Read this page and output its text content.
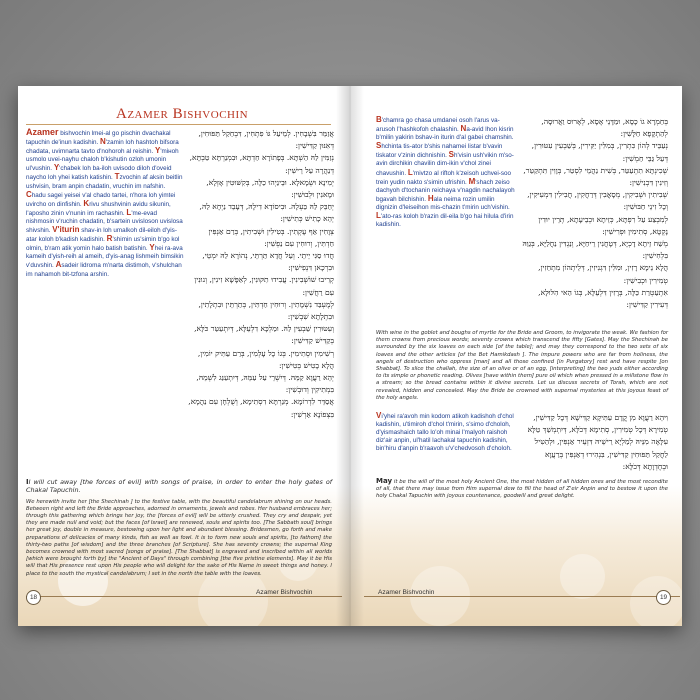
Azamer Bishvochin

Azamer bishvochin lmei-al go pischin dvachakal tapuchin de'inun kadishin. N'zamin loh hashtoh bifsora chadata, uvimnarta tavto d'nohoroh al reishin. Y'mінoh usmolo uvei-nayhu chaloh b'kishutin ozloh umonin ul'vushin. Y'chabek loh ba-iloh uvisodo diloh d'oveid naycho loh yhei katish katishin. Tzvochin af aksin beitlin ushvisin, bram anpin chadatin, vruchin im nafshin. Chadu sagei yeisei v'al chado tartei, n'hora loh yimtei uvircho on dinfishin. Krivu shushvinin avidu sikunin, l'aposho zinin v'nunin im rachashin. L'me-evad nishmosin v'ruchin chadatin, b'sartein uvisloson uvislosa shivshin. V'iturin shav-in loh umalkoh dil-eiloh d'yis-atar koloh b'kadish kadishin. R'shimin us'simin b'go kol olmin, b'ram atik yomin halo batish batishin. Yhei ra-ava kameih d'yish-reih al ameih, d'yis-anag lishmeih bimsikin v'duvshin. Asadeir lidroma m'narta distimoh, v'shulchan im nahamoh bit-tzfona arshin.

אֲזַמֵּר בִּשְׁבָחִין. לְמֵיעַל גּוֹ פִתְחִין, דִּבְחַקַל תַּפּוּחִין, דְּאִנּוּן קַדִּישִׁין:

נְזַמִּין לַהּ הַשְׁתָּא. בְּפָתוֹרָא חַדְתָּא, וּבִמְנַרְתָּא טַבְתָּא, דְּנַהֲרָה עַל רֵישִׁין:

יְמִינָא וּשְׂמָאלָא. וּבֵינַיְהוּ כַלָּה, בְּקִשּׁוּטִין אָזְלָא, וּמָאנִין וּלְבוּשִׁין:

יְחַבֵּק לַהּ בַּעְלָהּ. וּבִיסוֹדָא דִילָהּ, דְּעָבֵד נַיְחָא לַהּ, יְהֵא כָתִישׁ כְּתִישִׁין:

צְוָחִין אַף עָקְתִין. בְּטִילִין וּשְׁבִיתִין, בְּרַם אַנְפִּין חַדְתִּין, וְרוּחִין עִם נַפְשִׁין:

חֲדוּ סַגִּי יֵיתֵי. וְעַל חֲדָא תַּרְתֵּי, נְהוֹרָא לַהּ יִמְטֵי, וּבִרְכָאן דִּנְפִישִׁין:

קְרִיבוּ שׁוֹשְׁבִינִין. עֲבִידוּ תִקּוּנִין, לְאַפָּשָׁא זִינִין, וְנוּנִין עִם רַחֲשִׁין:

לְמֶעְבַּד נִשְׁמָתִין. וְרוּחִין חַדְתִּין, בְּתַרְתֵּין וּבִתְלָתִין, וּבִתְלָתָא שִׁבְשִׁין:

וְעִטּוּרִין שַׁבְעִין לַהּ. וּמַלְכָּא דִלְעֵלָּא, דְּיִתְעַטַּר כֹּלָּא, בְּקַדִּישׁ קַדִּישִׁין:

רְשִׁימִין וּסְתִימִין. בְּגוֹ כָל עָלְמִין, בְּרַם עַתִּיק יוֹמִין, הֲלָא בָטִישׁ בְּטִישִׁין:

יְהֵא רַעֲוָא קַמֵּהּ. דְּיִשְׁרֵי עַל עַמֵּהּ, דְּיִתְעַנַּג לִשְׁמֵהּ, בִּמְתִיקִין וְדוּבְשִׁין:

אֲסַדֵּר לִדְרוֹמָא. מְנַרְתָּא דִסְתִימָא, וְשֻׁלְחָן עִם נַהֲמָא, בִּצְפוֹנָא אַרְשִׁין:

II will cut away [the forces of evil] with songs of praise, in order to enter the holy gates of Chakal Tapuchin.

We herewith invite her [the Shechinah ] to the festive table, with the beautiful candelabrum shining on our heads. Between right and left the Bride approaches, adorned in ornaments, jewels and robes. Her husband embraces her; through this gathering which brings her joy, the [forces of evil] will be utterly crushed. They cry and despair, yet they are made null and void; but the faces [of Israel] are renewed, souls and spirits too. [The Sabbath soul] brings her great joy, double in measure, bestowing upon her light and abundant blessing. Bridesmen, go forth and make preparations of delicacies of many kinds, fish as well as fowl. It is to form new souls and spirits, [to fathom] the thirty-two paths [of wisdom] and the three branches [of Scripture]. She has seventy crowns; the supernal King becomes crowned with most sacred [songs of praise]. [The Shabbat] is engraved and inscribed within all worlds [which were brought forth by] the "Ancient of Days" through combining [the five pristine elements]. May it be His will that His presence rest upon His people who will delight for the sake of His Name in sweet things and honey. I place to the south the mystical candelabrum; I set in the north the table with the loaves.

18
Azamer Bishvochin

B'chamra go chasa umdanei osoh l'arus va-arusoh l'hashkofoh chalashin. Na-avid lhon kisrin b'milin yakirin bshav-in iturin d'al gabei chamshin. Shchinta tis-ator b'shis nahamei listar b'vavin tiskator v'zinin dichnishin. Sh'visin ush'vikin m'so-avin dirchikin chavilin dim-ikin v'chol zinei chavushin. L'mivtzo al riftoh k'zeisoh uchvei-soo trein yudin nakto s'simin ufrishin. M'shach zeiso dachyoh d'tochanin reichaya v'nagdin nachalayoh bgavah bilchishin. Hala neima rozin umilin dignizin d'leiseihon mis-chazin t'mirin uch'vishin. L'ato-ras koloh b'razin dil-eila b'go hai hilula d'irin kadishin.

בְּחַמְרָא גוֹ כָסָא, וּמַדָּנֵי אָסָא, לְאָרוּס וַאֲרוּסָה, לְהַתְקָפָא חַלָּשִׁין:

נְעַבֵּיד לְהוֹן כִּתְרִין, בְּמִלִּין יַקִּירִין, בְּשַׁבְעִין עִטּוּרִין, דְּעַל גַּבֵּי חַמְשִׁין:

שְׁכִינְתָּא תִתְעַטַּר, בְּשִׁית נַהֲמֵי לִסְטַר, בְּוָוִין תִּתְקַטַּר, וְזִינִין דִּכְנִישִׁין:

שְׁבִיתִין וּשְׁבִיקִין, מְסָאֲבִין דְּרַחֲקִין, חֲבִילִין דִּמְעִיקִין, וְכָל זִינֵי חַבּוּשִׁין:

לְמִבְצַע עַל רִפְתָּא, כְּזֵיתָא וּכְבֵיעָתָא, תְּרֵין יוּדִין נָקְטָא, סְתִימִין וּפְרִישִׁין:

מְשַׁח זֵיתָא דָכְיָא, דְּטָחֲנִין רֵיחַיָּא, וְנַגְדִּין נַחֲלַיָּא, בְּגַוַּהּ בִּלְחִישִׁין:

הֲלָא נֵימָא רָזִין, וּמִלִּין דִּגְנִיזִין, דְּלֵיתְהוֹן מִתְחַזִין, טְמִירִין וּכְבִישִׁין:

אִתְעַטְרַת כַּלָּה, בְּרָזִין דִּלְעֵלָּא, בְּגוֹ הַאי הִלּוּלָא, דְּעִירִין קַדִּישִׁין:

With wine in the goblet and boughs of myrtle for the Bride and Groom, to invigorate the weak. We fashion for them crowns from precious words; seventy crowns which transcend the fifty [Gates]. May the Shechinah be surrounded by the six loaves on each side [of the table]; and may they correspond to the two sets of six loaves and the other articles [of the Bet Hamikdash ]. The impure powers who are far from holiness, the angels of destruction who oppress [man] and all those confined [in Purgatory] rest and have respite [on Shabbat]. To slice the challah, the size of an olive or of an egg, [interpreting] the two yuds either according to its simple or phonetic reading. Olives [have within them] pure oil which when pressed in a millstone flow in a stream; so the bread contains within it divine secrets. Let us discuss secrets of Torah, which are not revealed, hidden and concealed. May the Bride be crowned with supernal mysteries at this joyous feast of the holy angels.

Vi'yhei ra'avoh min kodom atikoh kadishoh d'chol kadishin, u'timiroh d'chol t'mirin, s'simo d'choloh, d'yismashaich tallo lo'oh minai l'malyoh raishoh diz'air anpin, ul'hatil lachakal tapuchin kadishin, bin'hiru d'anpin b'raavoh u'v'chedvosoh d'choloh.

וִיהֵא רַעֲוָא מִן קֳדָם עַתִּיקָא קַדִּישָׁא דְּכָל קַדִּישִׁין, טְמִירָא דְּכָל טְמִירִין, סְתִימָא דְּכֹלָּא, דְּיִתְמְשַׁךְ טַלָּא עִלָּאָה מִנֵּיהּ לְמַלְיָא רֵישֵׁיהּ דִּזְעֵיר אַנְפִּין, וּלְהַטִּיל לַחֲקַל תַּפּוּחִין קַדִּישִׁין, בִּנְהִירוּ דְאַנְפִּין בְּרַעֲוָא וּבְחֶדְוָתָא דְּכֹלָּא:

May it be the will of the most holy Ancient One, the most hidden of all hidden ones and the most recondite of all, that there may issue from Him supernal dew to fill the head of Z'eir Anpin and to bestow it upon the holy Chakal Tapuchin with joyous countenance, goodwill and great delight.

Azamer Bishvochin
19
